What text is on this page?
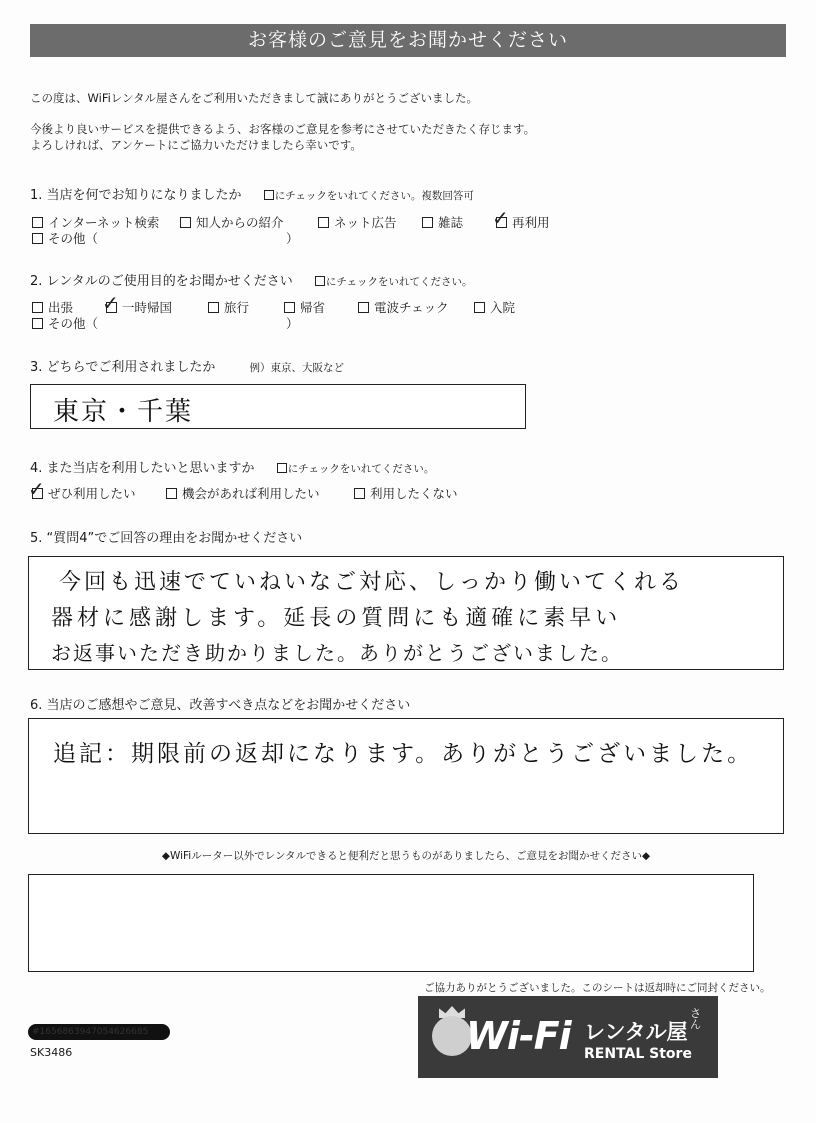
お客様のご意見をお聞かせください
この度は、WiFiレンタル屋さんをご利用いただきまして誠にありがとうございました。
今後より良いサービスを提供できるよう、お客様のご意見を参考にさせていただきたく存じます。
よろしければ、アンケートにご協力いただけましたら幸いです。
1. 当店を何でお知りになりましたか	にチェックをいれてください。複数回答可
インターネット検索	知人からの紹介	ネット広告	雑誌 ✓ 再利用
その他（	）
2. レンタルのご使用目的をお聞かせください	にチェックをいれてください。
出張 ✓ 一時帰国	旅行	帰省	電波チェック	入院
その他（	）
3. どちらでご利用されましたか	例）東京、大阪など
東京・千葉
4. また当店を利用したいと思いますか	にチェックをいれてください。
✓ ぜひ利用したい	機会があれば利用したい	利用したくない
5. “質問4”でご回答の理由をお聞かせください
今回も迅速でていねいなご対応、しっかり働いてくれる
器材に感謝します。延長の質問にも適確に素早い
お返事いただき助かりました。ありがとうございました。
6. 当店のご感想やご意見、改善すべき点などをお聞かせください
追記：期限前の返却になります。ありがとうございました。
◆WiFiルーター以外でレンタルできると便利だと思うものがありましたら、ご意見をお聞かせください◆
ご協力ありがとうございました。このシートは返却時にご同封ください。
#1656863947054626685
SK3486	Wi-Fi レンタル屋
さん
RENTAL Store
